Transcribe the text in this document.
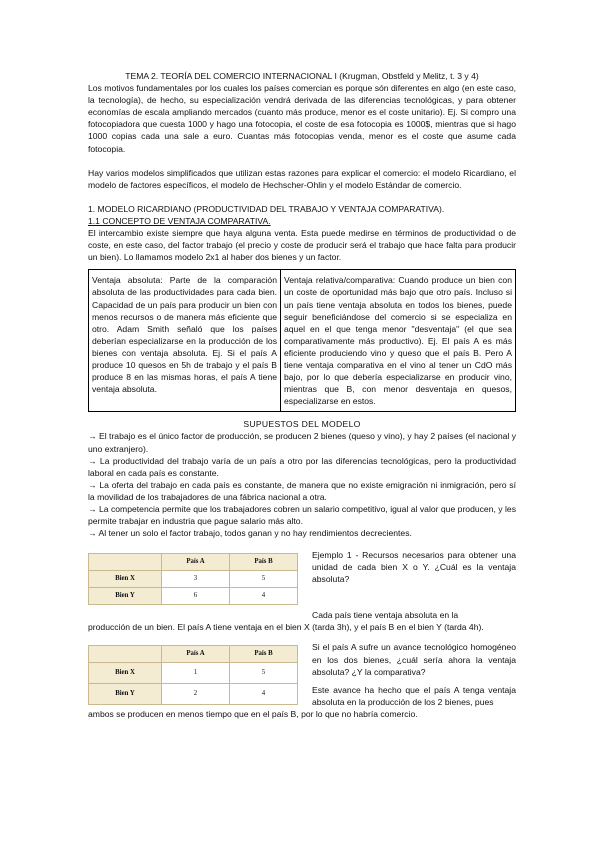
TEMA 2. TEORÍA DEL COMERCIO INTERNACIONAL I (Krugman, Obstfeld y Melitz, t. 3 y 4)

Los motivos fundamentales por los cuales los países comercian es porque són diferentes en algo (en este caso, la tecnología), de hecho, su especialización vendrá derivada de las diferencias tecnológicas, y para obtener economías de escala ampliando mercados (cuanto más produce, menor es el coste unitario). Ej. Si compro una fotocopiadora que cuesta 1000 y hago una fotocopia, el coste de esa fotocopia es 1000$, mientras que si hago 1000 copias cada una sale a euro. Cuantas más fotocopias venda, menor es el coste que asume cada fotocopia.

Hay varios modelos simplificados que utilizan estas razones para explicar el comercio: el modelo Ricardiano, el modelo de factores específicos, el modelo de Hechscher-Ohlin y el modelo Estándar de comercio.

1. MODELO RICARDIANO (PRODUCTIVIDAD DEL TRABAJO Y VENTAJA COMPARATIVA).

1.1 CONCEPTO DE VENTAJA COMPARATIVA.

El intercambio existe siempre que haya alguna venta. Esta puede medirse en términos de productividad o de coste, en este caso, del factor trabajo (el precio y coste de producir será el trabajo que hace falta para producir un bien). Lo llamamos modelo 2x1 al haber dos bienes y un factor.

Ventaja absoluta: Parte de la comparación absoluta de las productividades para cada bien. Capacidad de un país para producir un bien con menos recursos o de manera más eficiente que otro. Adam Smith señaló que los países deberían especializarse en la producción de los bienes con ventaja absoluta. Ej. Si el país A produce 10 quesos en 5h de trabajo y el país B produce 8 en las mismas horas, el país A tiene ventaja absoluta.
Ventaja relativa/comparativa: Cuando produce un bien con un coste de oportunidad más bajo que otro país. Incluso si un país tiene ventaja absoluta en todos los bienes, puede seguir beneficiándose del comercio si se especializa en aquel en el que tenga menor "desventaja" (el que sea comparativamente más productivo). Ej. El país A es más eficiente produciendo vino y queso que el país B. Pero A tiene ventaja comparativa en el vino al tener un CdO más bajo, por lo que debería especializarse en producir vino, mientras que B, con menor desventaja en quesos, especializarse en estos.

SUPUESTOS DEL MODELO

→ El trabajo es el único factor de producción, se producen 2 bienes (queso y vino), y hay 2 países (el nacional y uno extranjero).

→ La productividad del trabajo varía de un país a otro por las diferencias tecnológicas, pero la productividad laboral en cada país es constante.

→ La oferta del trabajo en cada país es constante, de manera que no existe emigración ni inmigración, pero sí la movilidad de los trabajadores de una fábrica nacional a otra.

→ La competencia permite que los trabajadores cobren un salario competitivo, igual al valor que producen, y les permite trabajar en industria que pague salario más alto.

→ Al tener un solo el factor trabajo, todos ganan y no hay rendimientos decrecientes.

	País A	País B
Bien X	3	5
Bien Y	6	4

Ejemplo 1 - Recursos necesarios para obtener una unidad de cada bien X o Y. ¿Cuál es la ventaja absoluta?

Cada país tiene ventaja absoluta en la

producción de un bien. El país A tiene ventaja en el bien X (tarda 3h), y el país B en el bien Y (tarda 4h).

	País A	País B
Bien X	1	5
Bien Y	2	4

Si el país A sufre un avance tecnológico homogéneo en los dos bienes, ¿cuál sería ahora la ventaja absoluta? ¿Y la comparativa?

Este avance ha hecho que el país A tenga ventaja absoluta en la producción de los 2 bienes, pues

ambos se producen en menos tiempo que en el país B, por lo que no habría comercio.
